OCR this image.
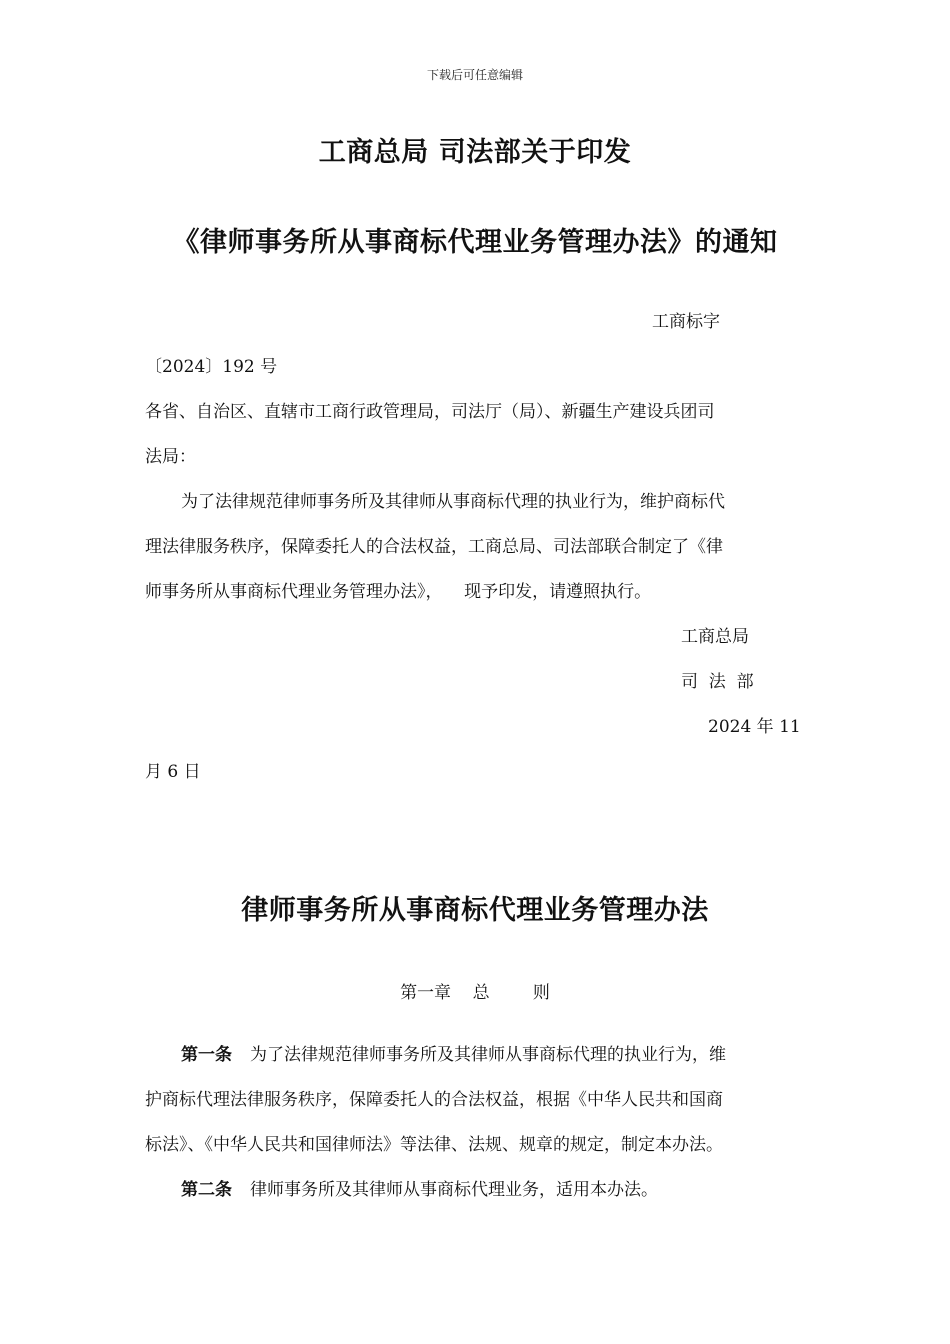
下载后可任意编辑
工商总局 司法部关于印发
《律师事务所从事商标代理业务管理办法》的通知

工商标字

〔2024〕192 号

各省、自治区、直辖市工商行政管理局，司法厅（局）、新疆生产建设兵团司

法局：

为了法律规范律师事务所及其律师从事商标代理的执业行为，维护商标代

理法律服务秩序，保障委托人的合法权益，工商总局、司法部联合制定了《律

师事务所从事商标代理业务管理办法》，    现予印发，请遵照执行。

工商总局

司  法  部

2024 年 11

月 6 日

律师事务所从事商标代理业务管理办法

第一章    总        则

第一条 为了法律规范律师事务所及其律师从事商标代理的执业行为，维

护商标代理法律服务秩序，保障委托人的合法权益，根据《中华人民共和国商

标法》、《中华人民共和国律师法》等法律、法规、规章的规定，制定本办法。

第二条 律师事务所及其律师从事商标代理业务，适用本办法。
